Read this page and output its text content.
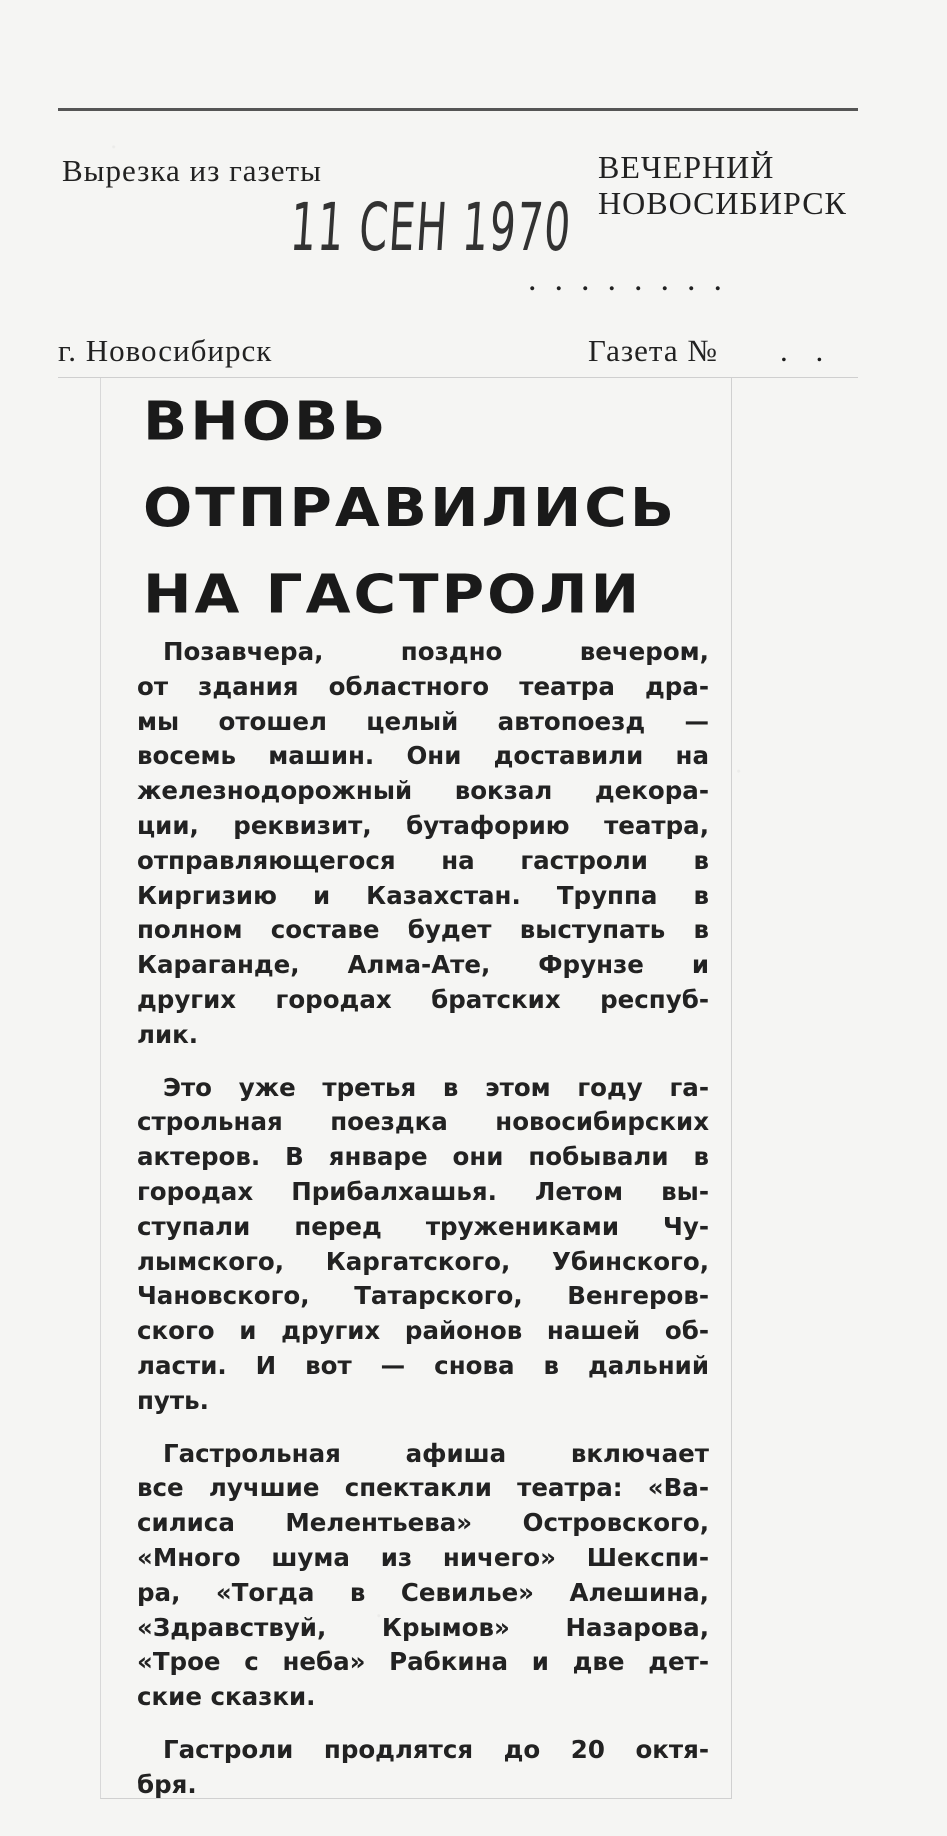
Вырезка из газеты	ВЕЧЕРНИЙ
НОВОСИБИРСК
11 СЕН 1970
........
г. Новосибирск	Газета № . .
ВНОВЬ
ОТПРАВИЛИСЬ
НА ГАСТРОЛИ

Позавчера, поздно вечером,
от здания областного театра дра-
мы отошел целый автопоезд —
восемь машин. Они доставили на
железнодорожный вокзал декора-
ции, реквизит, бутафорию театра,
отправляющегося на гастроли в
Киргизию и Казахстан. Труппа в
полном составе будет выступать в
Караганде, Алма-Ате, Фрунзе и
других городах братских респуб-
лик.

Это уже третья в этом году га-
строльная поездка новосибирских
актеров. В январе они побывали в
городах Прибалхашья. Летом вы-
ступали перед тружениками Чу-
лымского, Каргатского, Убинского,
Чановского, Татарского, Венгеров-
ского и других районов нашей об-
ласти. И вот — снова в дальний
путь.

Гастрольная афиша включает
все лучшие спектакли театра: «Ва-
силиса Мелентьева» Островского,
«Много шума из ничего» Шекспи-
ра, «Тогда в Севилье» Алешина,
«Здравствуй, Крымов» Назарова,
«Трое с неба» Рабкина и две дет-
ские сказки.

Гастроли продлятся до 20 октя-
бря.
